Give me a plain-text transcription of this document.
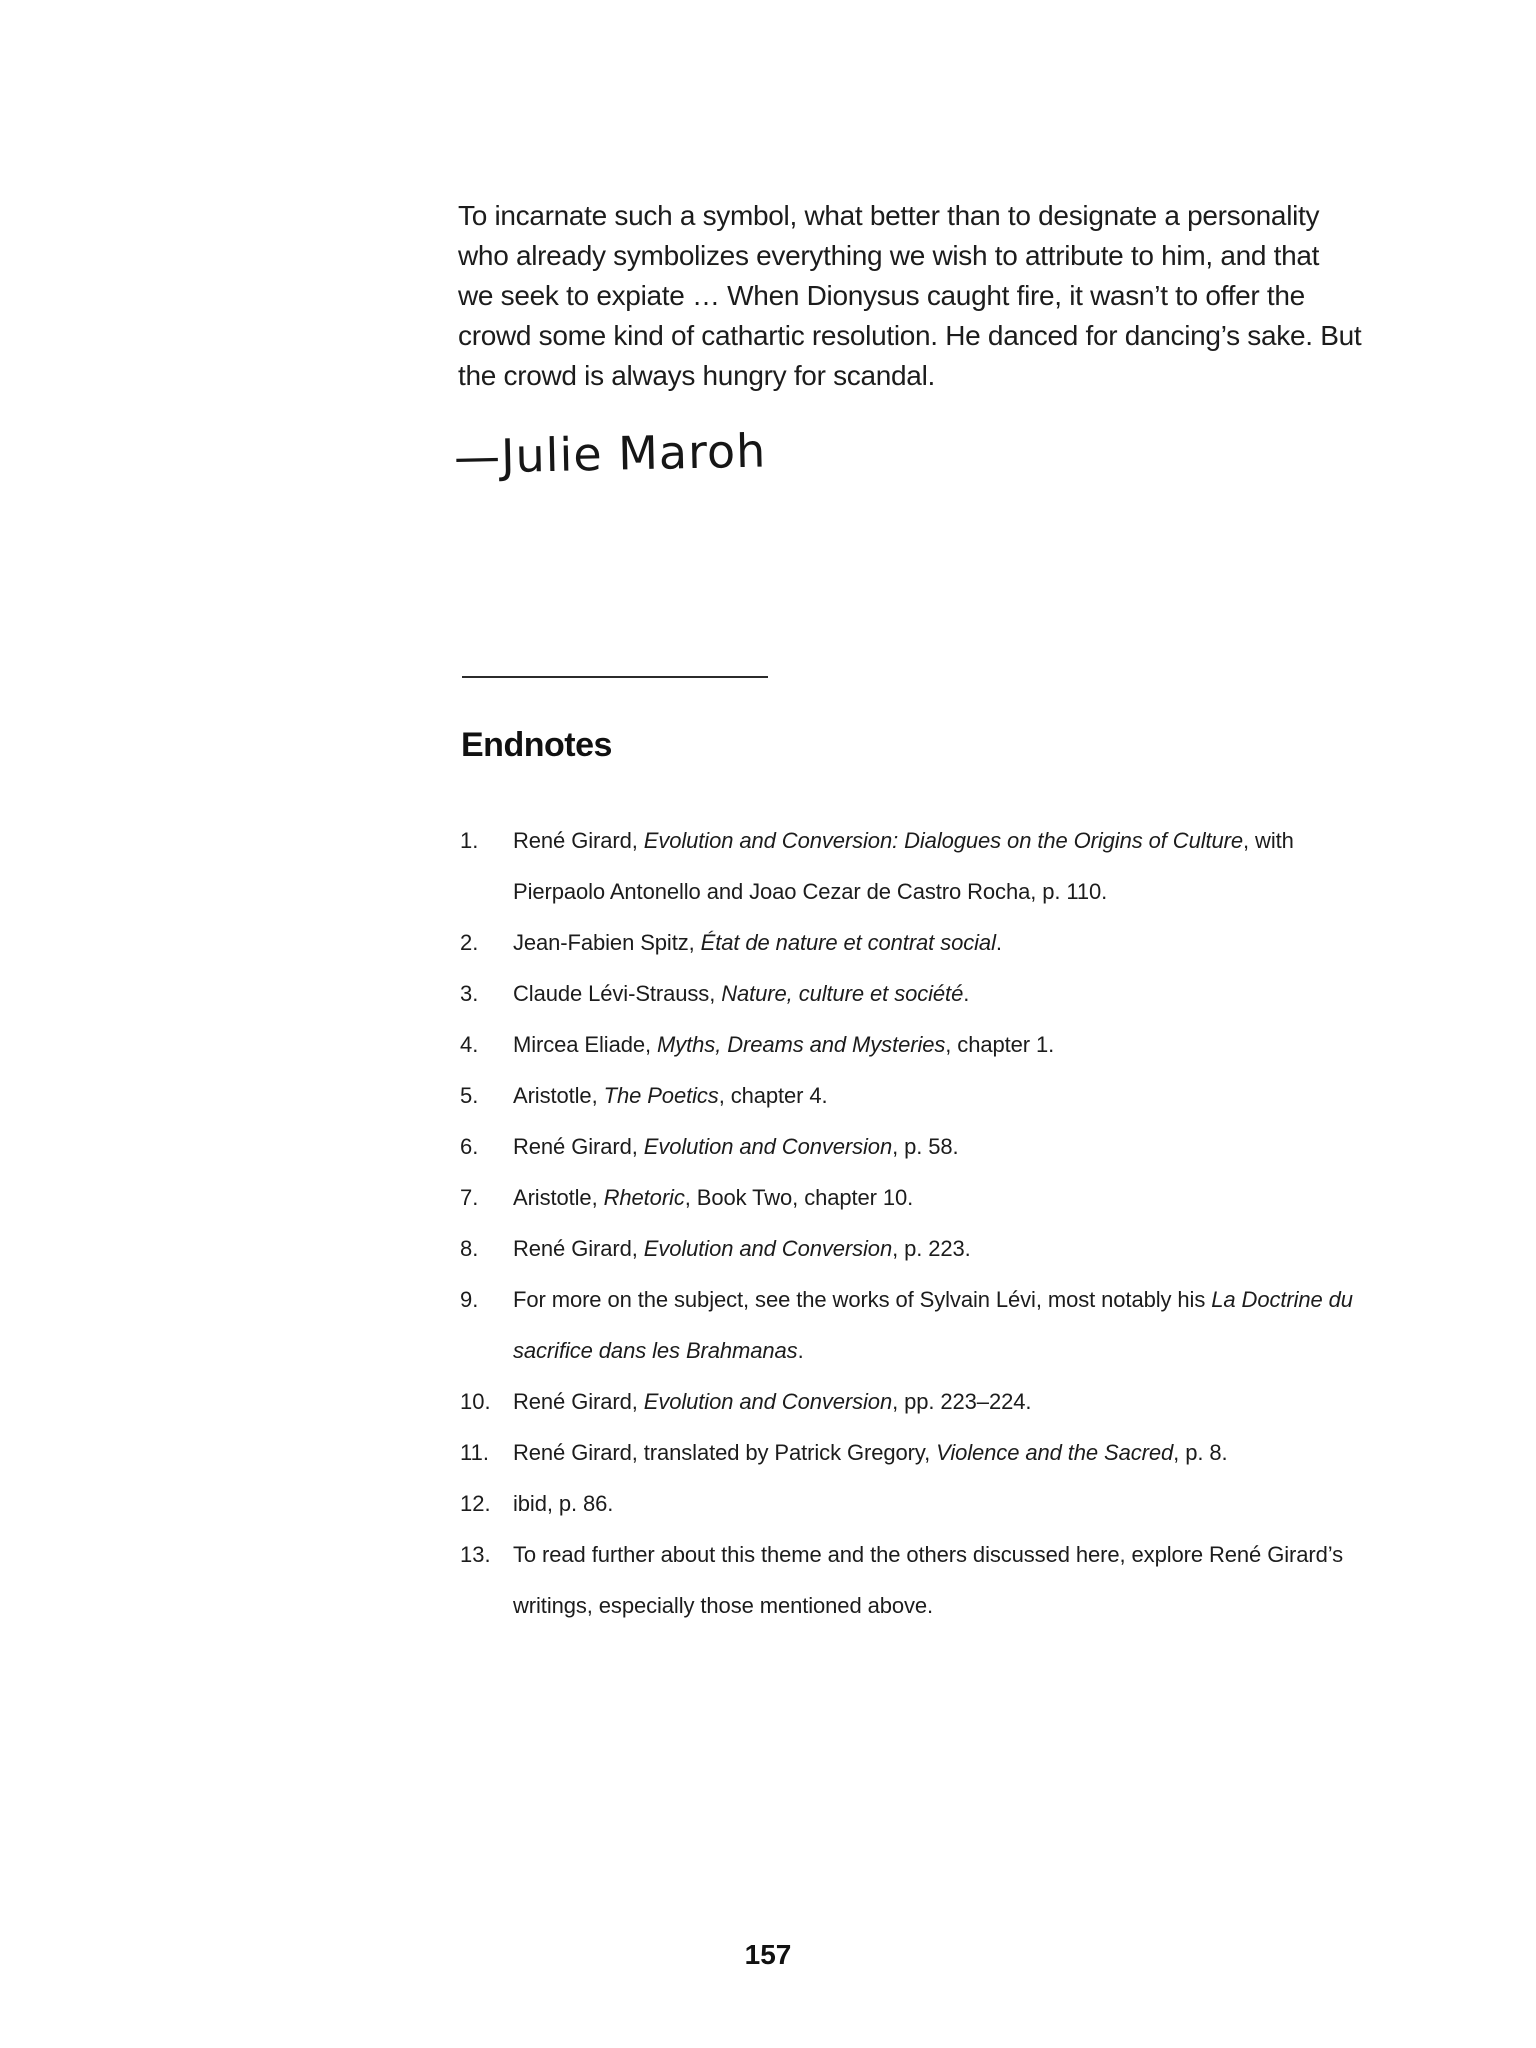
To incarnate such a symbol, what better than to designate a personality
who already symbolizes everything we wish to attribute to him, and that
we seek to expiate … When Dionysus caught fire, it wasn’t to offer the
crowd some kind of cathartic resolution. He danced for dancing’s sake. But
the crowd is always hungry for scandal.
—Julie Maroh
Endnotes
1. René Girard, Evolution and Conversion: Dialogues on the Origins of Culture, with
Pierpaolo Antonello and Joao Cezar de Castro Rocha, p. 110.
2. Jean-Fabien Spitz, État de nature et contrat social.
3. Claude Lévi-Strauss, Nature, culture et société.
4. Mircea Eliade, Myths, Dreams and Mysteries, chapter 1.
5. Aristotle, The Poetics, chapter 4.
6. René Girard, Evolution and Conversion, p. 58.
7. Aristotle, Rhetoric, Book Two, chapter 10.
8. René Girard, Evolution and Conversion, p. 223.
9. For more on the subject, see the works of Sylvain Lévi, most notably his La Doctrine du
sacrifice dans les Brahmanas.
10. René Girard, Evolution and Conversion, pp. 223–224.
11. René Girard, translated by Patrick Gregory, Violence and the Sacred, p. 8.
12. ibid, p. 86.
13. To read further about this theme and the others discussed here, explore René Girard’s
writings, especially those mentioned above.
157
